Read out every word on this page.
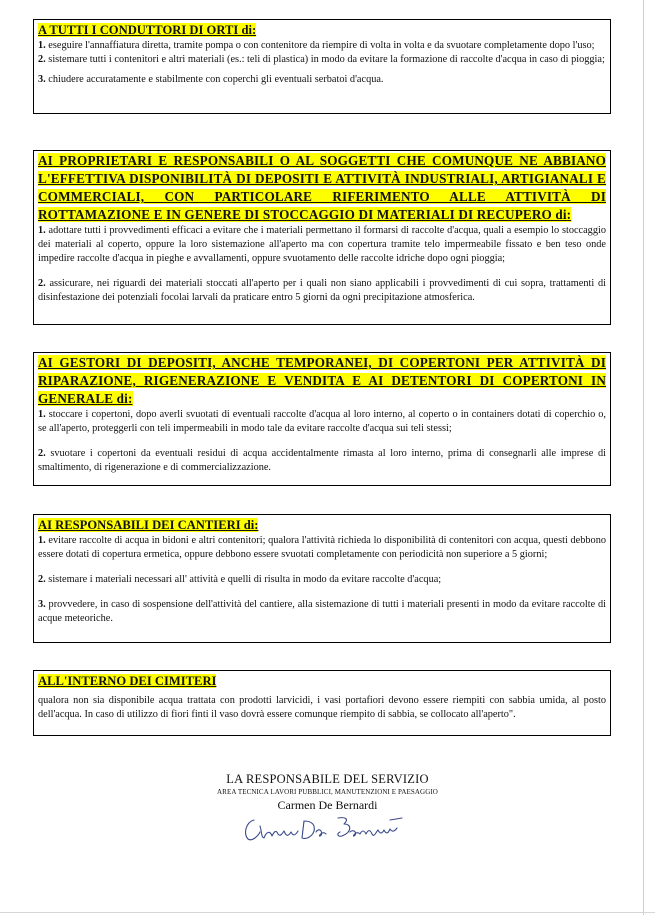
A TUTTI I CONDUTTORI DI ORTI di:

1. eseguire l'annaffiatura diretta, tramite pompa o con contenitore da riempire di volta in volta e da svuotare completamente dopo l'uso;

2. sistemare tutti i contenitori e altri materiali (es.: teli di plastica) in modo da evitare la formazione di raccolte d'acqua in caso di pioggia;

3. chiudere accuratamente e stabilmente con coperchi gli eventuali serbatoi d'acqua.

AI PROPRIETARI E RESPONSABILI O AL SOGGETTI CHE COMUNQUE NE ABBIANO L'EFFETTIVA DISPONIBILITÀ DI DEPOSITI E ATTIVITÀ INDUSTRIALI, ARTIGIANALI E COMMERCIALI, CON PARTICOLARE RIFERIMENTO ALLE ATTIVITÀ DI ROTTAMAZIONE E IN GENERE DI STOCCAGGIO DI MATERIALI DI RECUPERO di:

1. adottare tutti i provvedimenti efficaci a evitare che i materiali permettano il formarsi di raccolte d'acqua, quali a esempio lo stoccaggio dei materiali al coperto, oppure la loro sistemazione all'aperto ma con copertura tramite telo impermeabile fissato e ben teso onde impedire raccolte d'acqua in pieghe e avvallamenti, oppure svuotamento delle raccolte idriche dopo ogni pioggia;

2. assicurare, nei riguardi dei materiali stoccati all'aperto per i quali non siano applicabili i provvedimenti di cui sopra, trattamenti di disinfestazione dei potenziali focolai larvali da praticare entro 5 giorni da ogni precipitazione atmosferica.

AI GESTORI DI DEPOSITI, ANCHE TEMPORANEI, DI COPERTONI PER ATTIVITÀ DI RIPARAZIONE, RIGENERAZIONE E VENDITA E AI DETENTORI DI COPERTONI IN GENERALE di:

1. stoccare i copertoni, dopo averli svuotati di eventuali raccolte d'acqua al loro interno, al coperto o in containers dotati di coperchio o, se all'aperto, proteggerli con teli impermeabili in modo tale da evitare raccolte d'acqua sui teli stessi;

2. svuotare i copertoni da eventuali residui di acqua accidentalmente rimasta al loro interno, prima di consegnarli alle imprese di smaltimento, di rigenerazione e di commercializzazione.

AI RESPONSABILI DEI CANTIERI di:

1. evitare raccolte di acqua in bidoni e altri contenitori; qualora l'attività richieda lo disponibilità di contenitori con acqua, questi debbono essere dotati di copertura ermetica, oppure debbono essere svuotati completamente con periodicità non superiore a 5 giorni;

2. sistemare i materiali necessari all' attività e quelli di risulta in modo da evitare raccolte d'acqua;

3. provvedere, in caso di sospensione dell'attività del cantiere, alla sistemazione di tutti i materiali presenti in modo da evitare raccolte di acque meteoriche.

ALL'INTERNO DEI CIMITERI

qualora non sia disponibile acqua trattata con prodotti larvicidi, i vasi portafiori devono essere riempiti con sabbia umida, al posto dell'acqua. In caso di utilizzo di fiori finti il vaso dovrà essere comunque riempito di sabbia, se collocato all'aperto".

LA RESPONSABILE DEL SERVIZIO
AREA TECNICA LAVORI PUBBLICI, MANUTENZIONI E PAESAGGIO
Carmen De Bernardi
